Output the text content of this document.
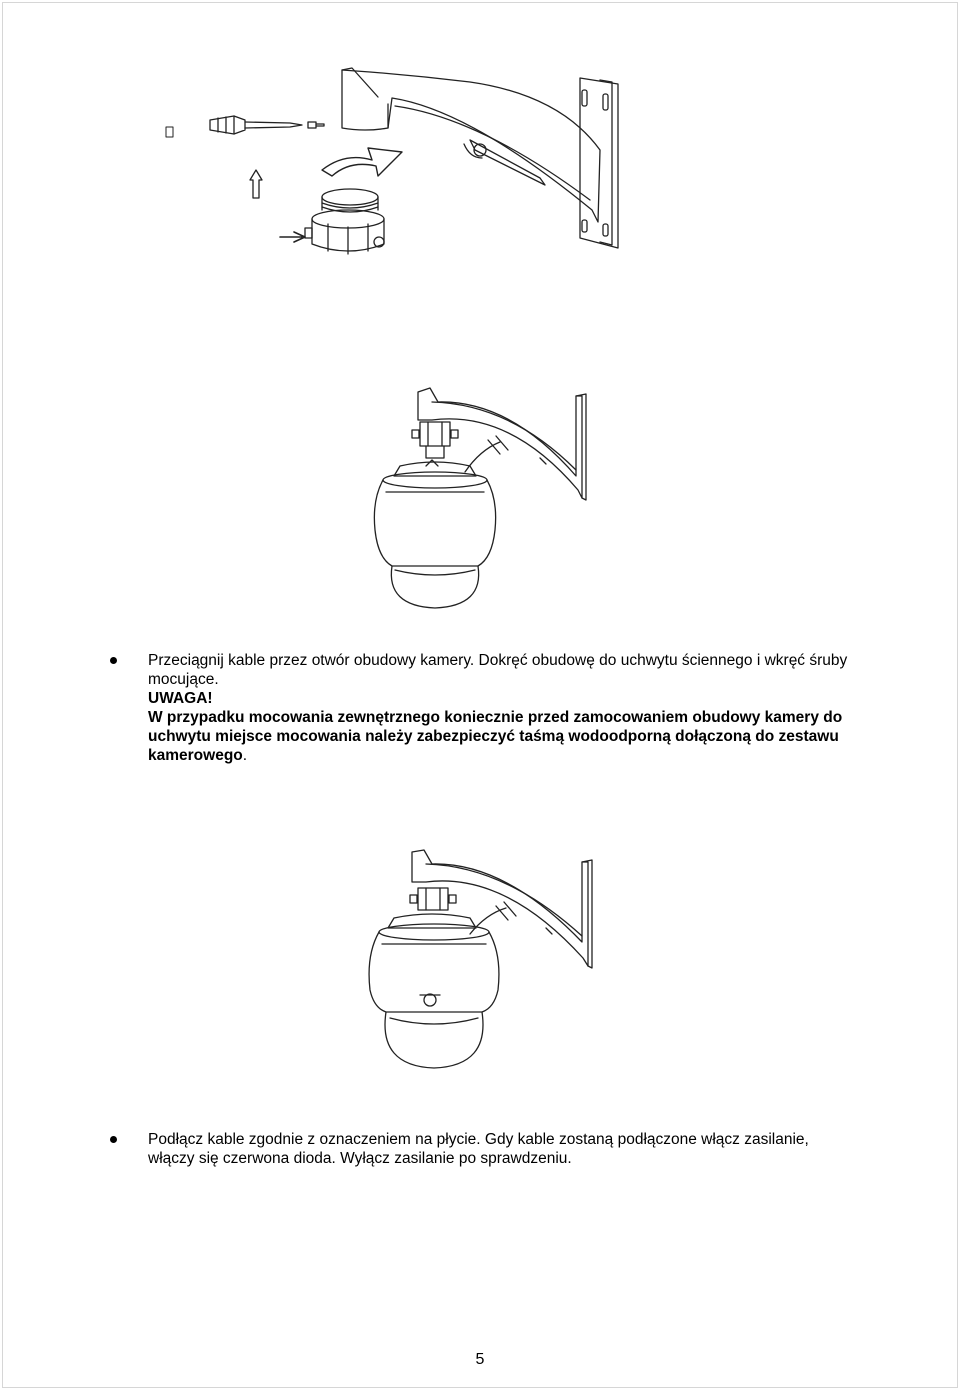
Przeciągnij kable przez otwór obudowy kamery. Dokręć obudowę do uchwytu ściennego i wkręć śruby mocujące.
UWAGA!
W przypadku mocowania zewnętrznego koniecznie przed zamocowaniem obudowy kamery do uchwytu miejsce mocowania należy zabezpieczyć taśmą wodoodporną dołączoną do zestawu kamerowego.
Podłącz kable zgodnie z oznaczeniem na płycie. Gdy kable zostaną podłączone włącz zasilanie, włączy się czerwona dioda. Wyłącz zasilanie po sprawdzeniu.
5
